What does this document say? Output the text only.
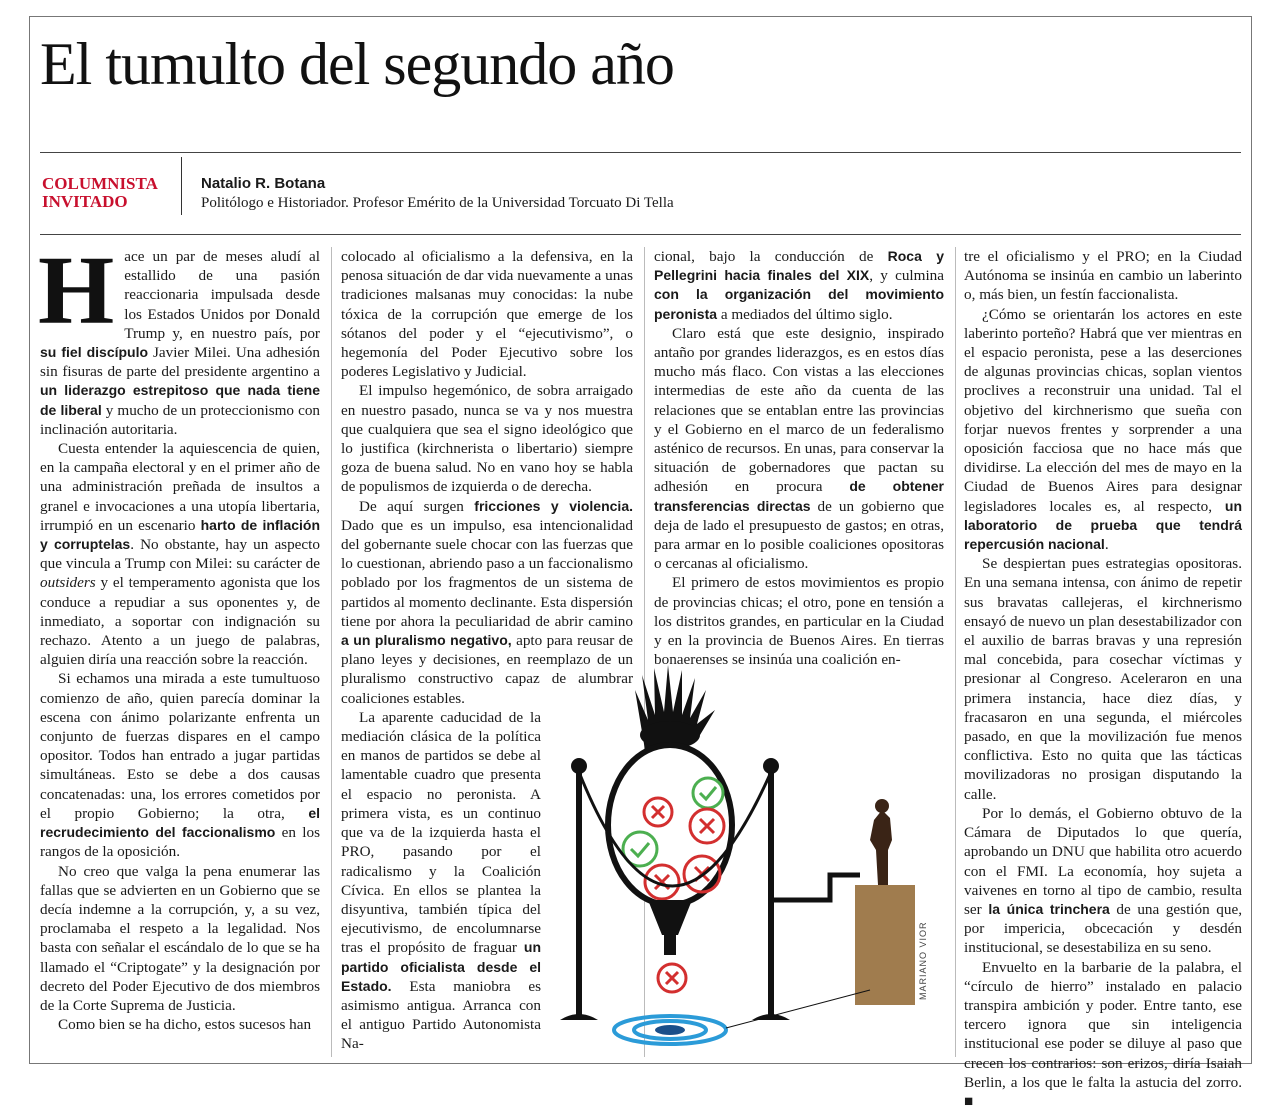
El tumulto del segundo año
COLUMNISTA
INVITADO
Natalio R. Botana
Politólogo e Historiador. Profesor Emérito de la Universidad Torcuato Di Tella

Hace un par de meses aludí al estallido de una pasión reaccionaria impulsada desde los Estados Unidos por Donald Trump y, en nuestro país, por su fiel discípulo Javier Milei. Una adhesión sin fisuras de parte del presidente argentino a un liderazgo estrepitoso que nada tiene de liberal y mucho de un proteccionismo con inclinación autoritaria.

Cuesta entender la aquiescencia de quien, en la campaña electoral y en el primer año de una administración preñada de insultos a granel e invocaciones a una utopía libertaria, irrumpió en un escenario harto de inflación y corruptelas. No obstante, hay un aspecto que vincula a Trump con Milei: su carácter de outsiders y el temperamento agonista que los conduce a repudiar a sus oponentes y, de inmediato, a soportar con indignación su rechazo. Atento a un juego de palabras, alguien diría una reacción sobre la reacción.

Si echamos una mirada a este tumultuoso comienzo de año, quien parecía dominar la escena con ánimo polarizante enfrenta un conjunto de fuerzas dispares en el campo opositor. Todos han entrado a jugar partidas simultáneas. Esto se debe a dos causas concatenadas: una, los errores cometidos por el propio Gobierno; la otra, el recrudecimiento del faccionalismo en los rangos de la oposición.

No creo que valga la pena enumerar las fallas que se advierten en un Gobierno que se decía indemne a la corrupción, y, a su vez, proclamaba el respeto a la legalidad. Nos basta con señalar el escándalo de lo que se ha llamado el “Criptogate” y la designación por decreto del Poder Ejecutivo de dos miembros de la Corte Suprema de Justicia.

Como bien se ha dicho, estos sucesos han

colocado al oficialismo a la defensiva, en la penosa situación de dar vida nuevamente a unas tradiciones malsanas muy conocidas: la nube tóxica de la corrupción que emerge de los sótanos del poder y el “ejecutivismo”, o hegemonía del Poder Ejecutivo sobre los poderes Legislativo y Judicial.

El impulso hegemónico, de sobra arraigado en nuestro pasado, nunca se va y nos muestra que cualquiera que sea el signo ideológico que lo justifica (kirchnerista o libertario) siempre goza de buena salud. No en vano hoy se habla de populismos de izquierda o de derecha.

De aquí surgen fricciones y violencia. Dado que es un impulso, esa intencionalidad del gobernante suele chocar con las fuerzas que lo cuestionan, abriendo paso a un faccionalismo poblado por los fragmentos de un sistema de partidos al momento declinante. Esta dispersión tiene por ahora la peculiaridad de abrir camino a un pluralismo negativo, apto para reusar de plano leyes y decisiones, en reemplazo de un pluralismo constructivo capaz de alumbrar coaliciones estables.

La aparente caducidad de la mediación clásica de la política en manos de partidos se debe al lamentable cuadro que presenta el espacio no peronista. A primera vista, es un continuo que va de la izquierda hasta el PRO, pasando por el radicalismo y la Coalición Cívica. En ellos se plantea la disyuntiva, también típica del ejecutivismo, de encolumnarse tras el propósito de fraguar un partido oficialista desde el Estado. Esta maniobra es asimismo antigua. Arranca con el antiguo Partido Autonomista Na-

cional, bajo la conducción de Roca y Pellegrini hacia finales del XIX, y culmina con la organización del movimiento peronista a mediados del último siglo.

Claro está que este designio, inspirado antaño por grandes liderazgos, es en estos días mucho más flaco. Con vistas a las elecciones intermedias de este año da cuenta de las relaciones que se entablan entre las provincias y el Gobierno en el marco de un federalismo asténico de recursos. En unas, para conservar la situación de gobernadores que pactan su adhesión en procura de obtener transferencias directas de un gobierno que deja de lado el presupuesto de gastos; en otras, para armar en lo posible coaliciones opositoras o cercanas al oficialismo.

El primero de estos movimientos es propio de provincias chicas; el otro, pone en tensión a los distritos grandes, en particular en la Ciudad y en la provincia de Buenos Aires. En tierras bonaerenses se insinúa una coalición en-

tre el oficialismo y el PRO; en la Ciudad Autónoma se insinúa en cambio un laberinto o, más bien, un festín faccionalista.

¿Cómo se orientarán los actores en este laberinto porteño? Habrá que ver mientras en el espacio peronista, pese a las deserciones de algunas provincias chicas, soplan vientos proclives a reconstruir una unidad. Tal el objetivo del kirchnerismo que sueña con forjar nuevos frentes y sorprender a una oposición facciosa que no hace más que dividirse. La elección del mes de mayo en la Ciudad de Buenos Aires para designar legisladores locales es, al respecto, un laboratorio de prueba que tendrá repercusión nacional.

Se despiertan pues estrategias opositoras. En una semana intensa, con ánimo de repetir sus bravatas callejeras, el kirchnerismo ensayó de nuevo un plan desestabilizador con el auxilio de barras bravas y una represión mal concebida, para cosechar víctimas y presionar al Congreso. Aceleraron en una primera instancia, hace diez días, y fracasaron en una segunda, el miércoles pasado, en que la movilización fue menos conflictiva. Esto no quita que las tácticas movilizadoras no prosigan disputando la calle.

Por lo demás, el Gobierno obtuvo de la Cámara de Diputados lo que quería, aprobando un DNU que habilita otro acuerdo con el FMI. La economía, hoy sujeta a vaivenes en torno al tipo de cambio, resulta ser la única trinchera de una gestión que, por impericia, obcecación y desdén institucional, se desestabiliza en su seno.

Envuelto en la barbarie de la palabra, el “círculo de hierro” instalado en palacio transpira ambición y poder. Entre tanto, ese tercero ignora que sin inteligencia institucional ese poder se diluye al paso que crecen los contrarios: son erizos, diría Isaiah Berlin, a los que le falta la astucia del zorro. ■

MARIANO VIOR
